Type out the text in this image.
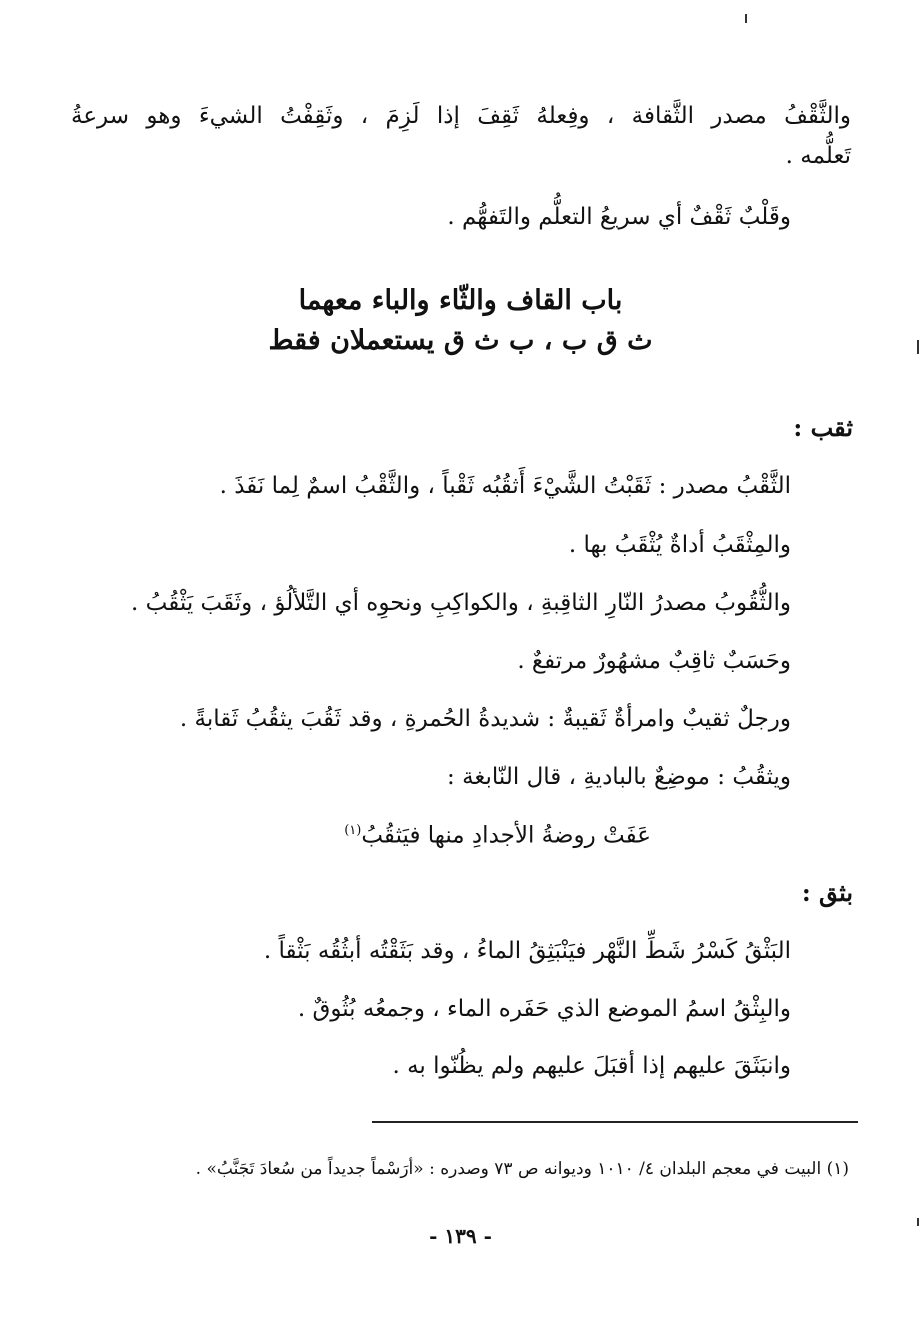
والثَّقْفُ مصدر الثَّقافة ، وفِعلهُ ثَقِفَ إذا لَزِمَ ، وثَقِفْتُ الشيءَ وهو سرعةُ
تَعلُّمه .
وقَلْبٌ ثَقْفٌ أي سريعُ التعلُّم والتَفهُّم .
باب القاف والثّاء والباء معهما
ث ق ب ، ب ث ق يستعملان فقط
ثقب :
الثَّقْبُ مصدر : ثَقَبْتُ الشَّيْءَ أَثقُبُه ثَقْباً ، والثَّقْبُ اسمٌ لِما نَفَذَ .
والمِثْقَبُ أداةٌ يُثْقَبُ بها .
والثُّقُوبُ مصدرُ النّارِ الثاقِبةِ ، والكواكِبِ ونحوِه أي التَّلألُؤ ، وثَقَبَ يَثْقُبُ .
وحَسَبٌ ثاقِبٌ مشهُورٌ مرتفعٌ .
ورجلٌ ثقيبٌ وامرأةٌ ثَقيبةٌ : شديدةُ الحُمرةِ ، وقد ثَقُبَ يثقُبُ ثَقابةً .
ويثقُبُ : موضِعٌ بالباديةِ ، قال النّابغة :
عَفَتْ روضةُ الأجدادِ منها فيَثقُبُ$^{(١)}$
بثق :
البَثْقُ كَسْرُ شَطِّ النَّهْر فيَنْبَثِقُ الماءُ ، وقد بَثَقْتُه أبثُقُه بَثْقاً .
والبِثْقُ اسمُ الموضع الذي حَفَره الماء ، وجمعُه بُثُوقٌ .
وانبَثَقَ عليهم إذا أقبَلَ عليهم ولم يظُنّوا به .
(١) البيت في معجم البلدان ٤/ ١٠١٠ وديوانه ص ٧٣ وصدره : «أرَسْماً جديداً من سُعادَ تَجَنَّبُ» .
- ١٣٩ -
